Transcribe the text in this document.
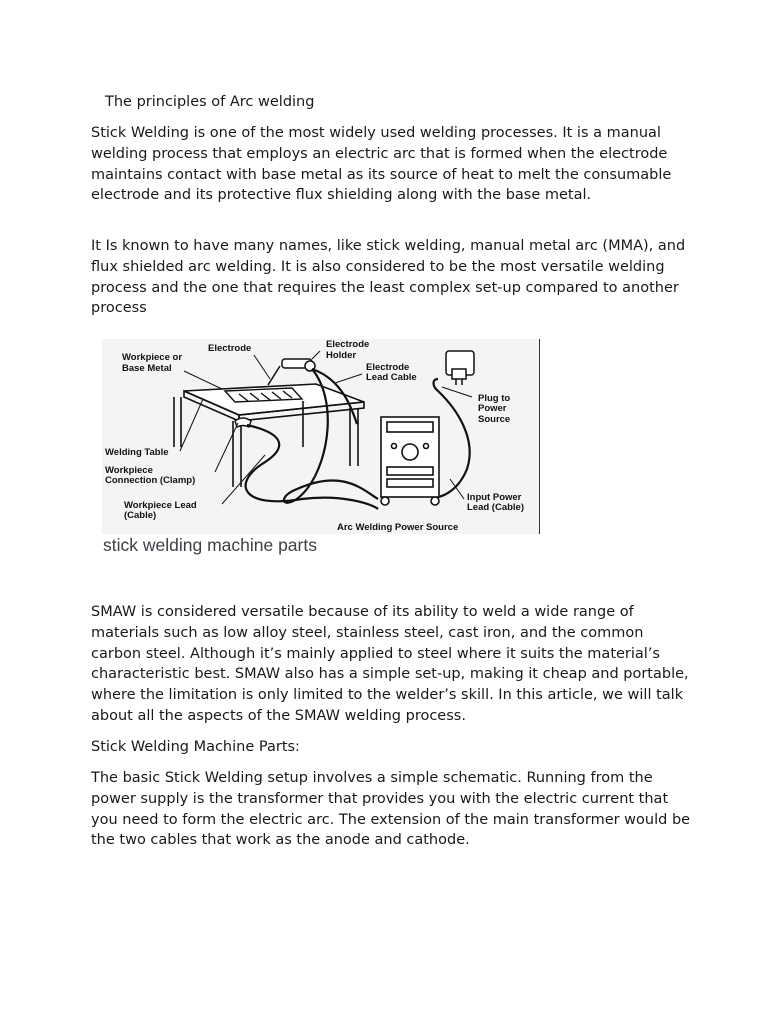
The principles of Arc welding

Stick Welding is one of the most widely used welding processes. It is a manual welding process that employs an electric arc that is formed when the electrode maintains contact with base metal as its source of heat to melt the consumable electrode and its protective flux shielding along with the base metal.

It Is known to have many names, like stick welding, manual metal arc (MMA), and flux shielded arc welding. It is also considered to be the most versatile welding process and the one that requires the least complex set-up compared to another process

Electrode	Electrode
Holder
Workpiece or
Base Metal	Electrode
Lead Cable
Plug to
Power
Source
Welding Table
Workpiece
Connection (Clamp)
Workpiece Lead
(Cable)
Input Power
Lead (Cable)
Arc Welding Power Source

stick welding machine parts

SMAW is considered versatile because of its ability to weld a wide range of materials such as low alloy steel, stainless steel, cast iron, and the common carbon steel. Although it’s mainly applied to steel where it suits the material’s characteristic best. SMAW also has a simple set-up, making it cheap and portable, where the limitation is only limited to the welder’s skill. In this article, we will talk about all the aspects of the SMAW welding process.

Stick Welding Machine Parts:

The basic Stick Welding setup involves a simple schematic. Running from the power supply is the transformer that provides you with the electric current that you need to form the electric arc. The extension of the main transformer would be the two cables that work as the anode and cathode.
